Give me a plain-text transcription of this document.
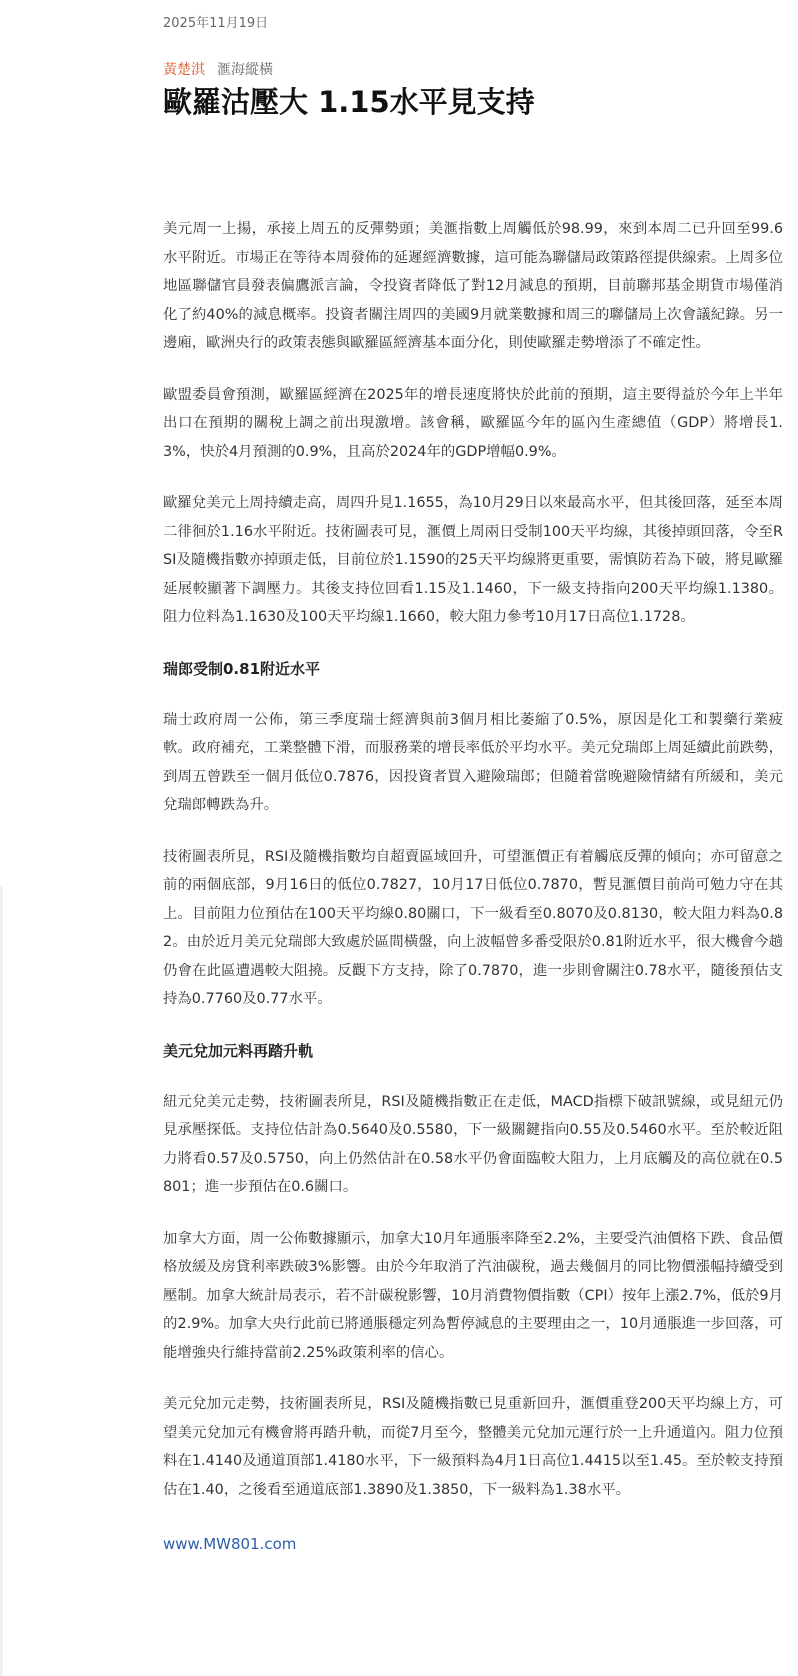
2025年11月19日
黃楚淇 滙海縱橫
歐羅沽壓大 1.15水平見支持

美元周一上揚，承接上周五的反彈勢頭；美滙指數上周觸低於98.99，來到本周二已升回至99.6水平附近。市場正在等待本周發佈的延遲經濟數據，這可能為聯儲局政策路徑提供線索。上周多位地區聯儲官員發表偏鷹派言論，令投資者降低了對12月減息的預期，目前聯邦基金期貨市場僅消化了約40%的減息概率。投資者關注周四的美國9月就業數據和周三的聯儲局上次會議紀錄。另一邊廂，歐洲央行的政策表態與歐羅區經濟基本面分化，則使歐羅走勢增添了不確定性。

歐盟委員會預測，歐羅區經濟在2025年的增長速度將快於此前的預期，這主要得益於今年上半年出口在預期的關稅上調之前出現激增。該會稱，歐羅區今年的區內生產總值（GDP）將增長1.3%，快於4月預測的0.9%，且高於2024年的GDP增幅0.9%。

歐羅兌美元上周持續走高，周四升見1.1655，為10月29日以來最高水平，但其後回落，延至本周二徘徊於1.16水平附近。技術圖表可見，滙價上周兩日受制100天平均線，其後掉頭回落，令至RSI及隨機指數亦掉頭走低，目前位於1.1590的25天平均線將更重要，需慎防若為下破，將見歐羅延展較顯著下調壓力。其後支持位回看1.15及1.1460，下一級支持指向200天平均線1.1380。阻力位料為1.1630及100天平均線1.1660，較大阻力參考10月17日高位1.1728。

瑞郎受制0.81附近水平

瑞士政府周一公佈，第三季度瑞士經濟與前3個月相比萎縮了0.5%，原因是化工和製藥行業疲軟。政府補充，工業整體下滑，而服務業的增長率低於平均水平。美元兌瑞郎上周延續此前跌勢，到周五曾跌至一個月低位0.7876，因投資者買入避險瑞郎；但隨着當晚避險情緒有所緩和，美元兌瑞郎轉跌為升。

技術圖表所見，RSI及隨機指數均自超賣區域回升，可望滙價正有着觸底反彈的傾向；亦可留意之前的兩個底部，9月16日的低位0.7827，10月17日低位0.7870，暫見滙價目前尚可勉力守在其上。目前阻力位預估在100天平均線0.80關口，下一級看至0.8070及0.8130，較大阻力料為0.82。由於近月美元兌瑞郎大致處於區間橫盤，向上波幅曾多番受限於0.81附近水平，很大機會今趟仍會在此區遭遇較大阻撓。反觀下方支持，除了0.7870，進一步則會關注0.78水平，隨後預估支持為0.7760及0.77水平。

美元兌加元料再踏升軌

紐元兌美元走勢，技術圖表所見，RSI及隨機指數正在走低，MACD指標下破訊號線，或見紐元仍見承壓探低。支持位估計為0.5640及0.5580，下一級關鍵指向0.55及0.5460水平。至於較近阻力將看0.57及0.5750，向上仍然估計在0.58水平仍會面臨較大阻力，上月底觸及的高位就在0.5801；進一步預估在0.6關口。

加拿大方面，周一公佈數據顯示，加拿大10月年通脹率降至2.2%，主要受汽油價格下跌、食品價格放緩及房貸利率跌破3%影響。由於今年取消了汽油碳稅，過去幾個月的同比物價漲幅持續受到壓制。加拿大統計局表示，若不計碳稅影響，10月消費物價指數（CPI）按年上漲2.7%，低於9月的2.9%。加拿大央行此前已將通脹穩定列為暫停減息的主要理由之一，10月通脹進一步回落，可能增強央行維持當前2.25%政策利率的信心。

美元兌加元走勢，技術圖表所見，RSI及隨機指數已見重新回升，滙價重登200天平均線上方，可望美元兌加元有機會將再踏升軌，而從7月至今，整體美元兌加元運行於一上升通道內。阻力位預料在1.4140及通道頂部1.4180水平，下一級預料為4月1日高位1.4415以至1.45。至於較支持預估在1.40，之後看至通道底部1.3890及1.3850，下一級料為1.38水平。

www.MW801.com
